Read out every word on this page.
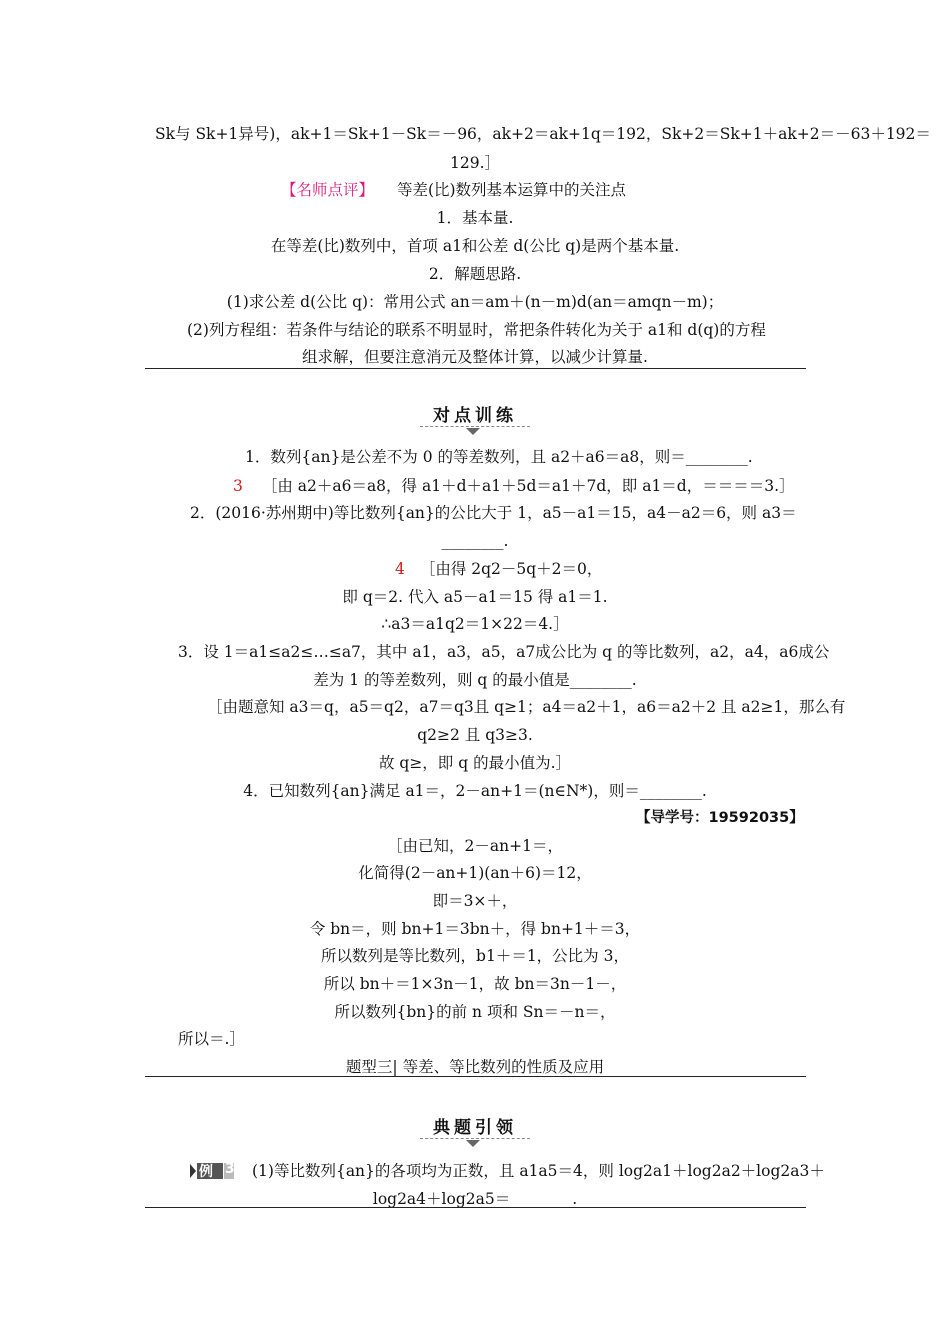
Sk与 Sk+1异号)，ak+1＝Sk+1－Sk＝－96，ak+2＝ak+1q＝192，Sk+2＝Sk+1＋ak+2＝－63＋192＝
129.］
【名师点评】 等差(比)数列基本运算中的关注点
1．基本量.
在等差(比)数列中，首项 a1和公差 d(公比 q)是两个基本量.
2．解题思路.
(1)求公差 d(公比 q)：常用公式 an＝am＋(n－m)d(an＝amqn－m)；
(2)列方程组：若条件与结论的联系不明显时，常把条件转化为关于 a1和 d(q)的方程
组求解，但要注意消元及整体计算，以减少计算量.
对点训练
1．数列{an}是公差不为 0 的等差数列，且 a2＋a6＝a8，则＝________.
3 ［由 a2＋a6＝a8，得 a1＋d＋a1＋5d＝a1＋7d，即 a1＝d，＝＝＝＝3.］
2．(2016·苏州期中)等比数列{an}的公比大于 1，a5－a1＝15，a4－a2＝6，则 a3＝
________.
4 ［由得 2q2－5q＋2＝0，
即 q＝2. 代入 a5－a1＝15 得 a1＝1.
∴a3＝a1q2＝1×22＝4.］
3．设 1＝a1≤a2≤…≤a7，其中 a1，a3，a5，a7成公比为 q 的等比数列，a2，a4，a6成公
差为 1 的等差数列，则 q 的最小值是________.
［由题意知 a3＝q，a5＝q2，a7＝q3且 q≥1；a4＝a2＋1，a6＝a2＋2 且 a2≥1，那么有
q2≥2 且 q3≥3.
故 q≥，即 q 的最小值为.］
4．已知数列{an}满足 a1＝，2－an+1＝(n∈N*)，则＝________.
【导学号：19592035】
［由已知，2－an+1＝，
化简得(2－an+1)(an＋6)＝12，
即＝3×＋，
令 bn＝，则 bn+1＝3bn＋，得 bn+1＋＝3，
所以数列是等比数列，b1＋＝1，公比为 3，
所以 bn＋＝1×3n－1，故 bn＝3n－1－，
所以数列{bn}的前 n 项和 Sn＝－n＝，
所以＝.］
题型三| 等差、等比数列的性质及应用
典题引领
例 3 (1)等比数列{an}的各项均为正数，且 a1a5＝4，则 log2a1＋log2a2＋log2a3＋
log2a4＋log2a5＝________.
